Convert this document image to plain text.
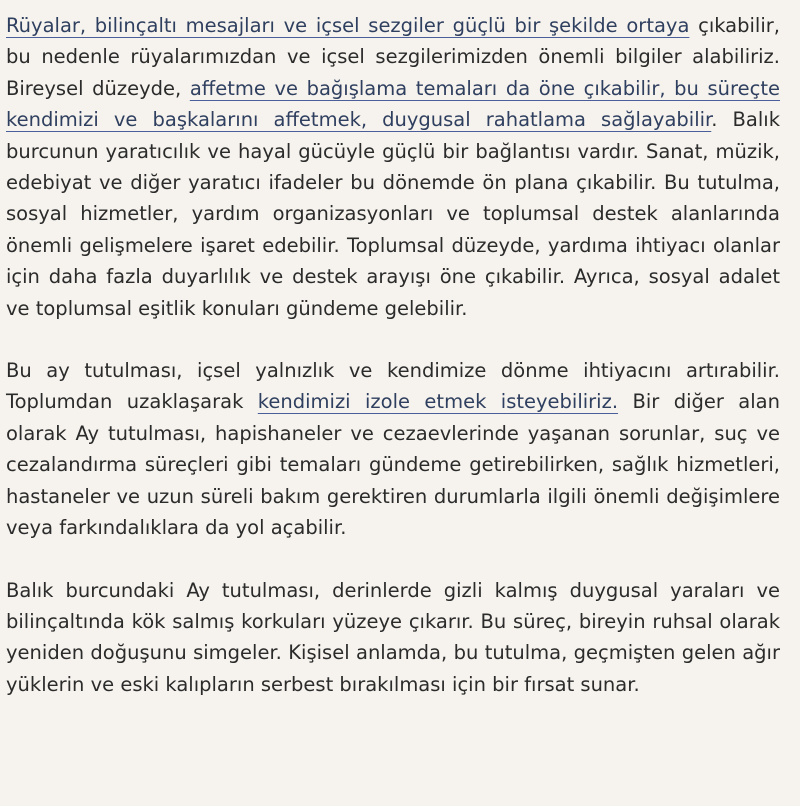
Rüyalar, bilinçaltı mesajları ve içsel sezgiler güçlü bir şekilde ortaya çıkabilir, bu nedenle rüyalarımızdan ve içsel sezgilerimizden önemli bilgiler alabiliriz. Bireysel düzeyde, affetme ve bağışlama temaları da öne çıkabilir, bu süreçte kendimizi ve başkalarını affetmek, duygusal rahatlama sağlayabilir. Balık burcunun yaratıcılık ve hayal gücüyle güçlü bir bağlantısı vardır. Sanat, müzik, edebiyat ve diğer yaratıcı ifadeler bu dönemde ön plana çıkabilir. Bu tutulma, sosyal hizmetler, yardım organizasyonları ve toplumsal destek alanlarında önemli gelişmelere işaret edebilir. Toplumsal düzeyde, yardıma ihtiyacı olanlar için daha fazla duyarlılık ve destek arayışı öne çıkabilir. Ayrıca, sosyal adalet ve toplumsal eşitlik konuları gündeme gelebilir.

Bu ay tutulması, içsel yalnızlık ve kendimize dönme ihtiyacını artırabilir. Toplumdan uzaklaşarak kendimizi izole etmek isteyebiliriz. Bir diğer alan olarak Ay tutulması, hapishaneler ve cezaevlerinde yaşanan sorunlar, suç ve cezalandırma süreçleri gibi temaları gündeme getirebilirken, sağlık hizmetleri, hastaneler ve uzun süreli bakım gerektiren durumlarla ilgili önemli değişimlere veya farkındalıklara da yol açabilir.

Balık burcundaki Ay tutulması, derinlerde gizli kalmış duygusal yaraları ve bilinçaltında kök salmış korkuları yüzeye çıkarır. Bu süreç, bireyin ruhsal olarak yeniden doğuşunu simgeler. Kişisel anlamda, bu tutulma, geçmişten gelen ağır yüklerin ve eski kalıpların serbest bırakılması için bir fırsat sunar.
